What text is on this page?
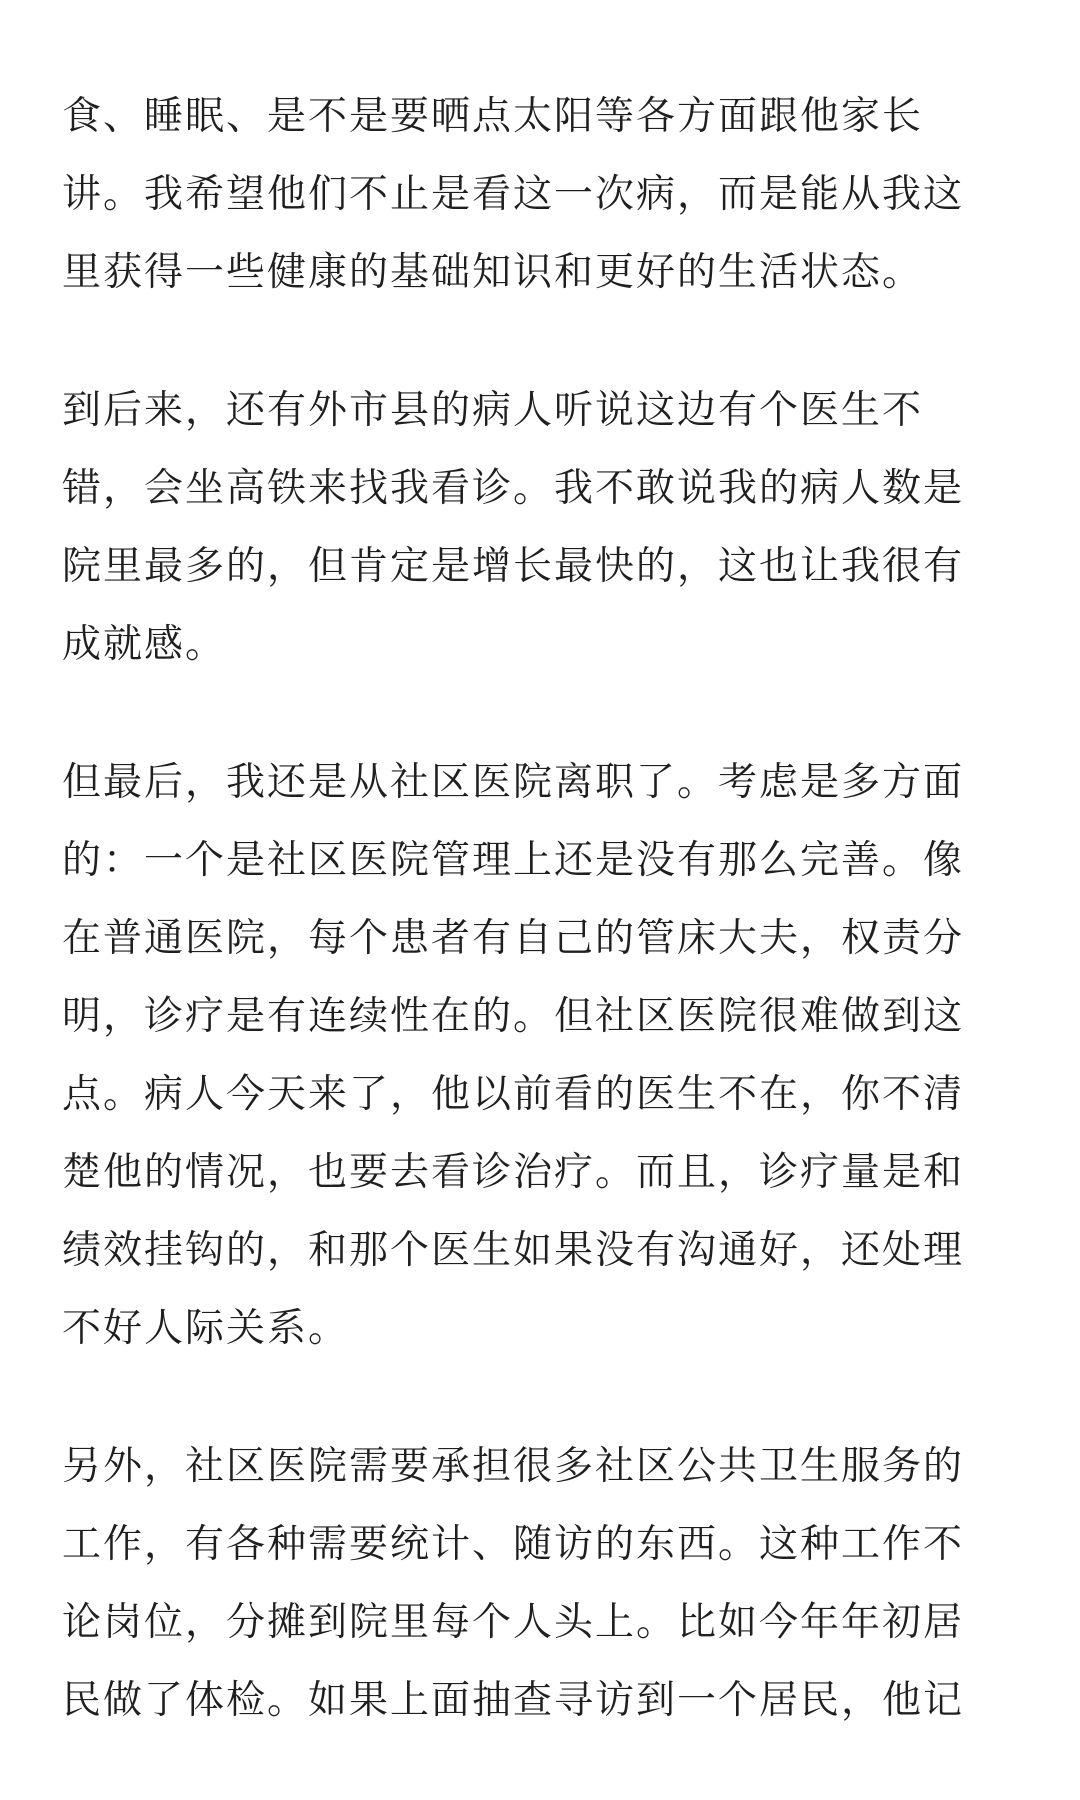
食、睡眠、是不是要晒点太阳等各方面跟他家长
讲。我希望他们不止是看这一次病，而是能从我这
里获得一些健康的基础知识和更好的生活状态。
到后来，还有外市县的病人听说这边有个医生不
错，会坐高铁来找我看诊。我不敢说我的病人数是
院里最多的，但肯定是增长最快的，这也让我很有
成就感。
但最后，我还是从社区医院离职了。考虑是多方面
的：一个是社区医院管理上还是没有那么完善。像
在普通医院，每个患者有自己的管床大夫，权责分
明，诊疗是有连续性在的。但社区医院很难做到这
点。病人今天来了，他以前看的医生不在，你不清
楚他的情况，也要去看诊治疗。而且，诊疗量是和
绩效挂钩的，和那个医生如果没有沟通好，还处理
不好人际关系。
另外，社区医院需要承担很多社区公共卫生服务的
工作，有各种需要统计、随访的东西。这种工作不
论岗位，分摊到院里每个人头上。比如今年年初居
民做了体检。如果上面抽查寻访到一个居民，他记
